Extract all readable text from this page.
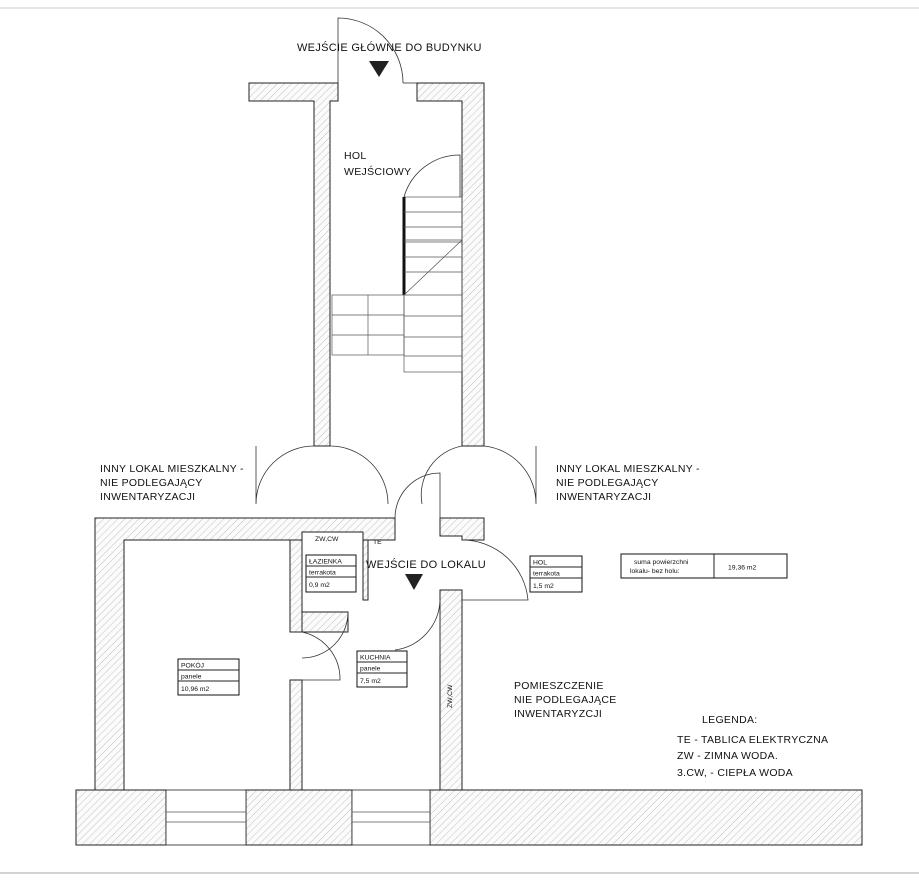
WEJŚCIE GŁÓWNE DO BUDYNKU
HOL
WEJŚCIOWY
INNY LOKAL MIESZKALNY -
NIE PODLEGAJĄCY
INWENTARYZACJI
INNY LOKAL MIESZKALNY -
NIE PODLEGAJĄCY
INWENTARYZACJI
ZW,CW	TE
WEJŚCIE DO LOKALU
ZW,CW
ŁAZIENKA
terrakota
0,9 m2
HOL
terrakota
1,5 m2
suma powierzchni
lokalu- bez holu:	19,36 m2
POKÓJ
panele
10,96 m2
KUCHNIA
panele
7,5 m2	POMIESZCZENIE
NIE PODLEGAJĄCE
INWENTARYZCJI	LEGENDA:
TE - TABLICA ELEKTRYCZNA
ZW - ZIMNA WODA.
3.CW, - CIEPŁA WODA
